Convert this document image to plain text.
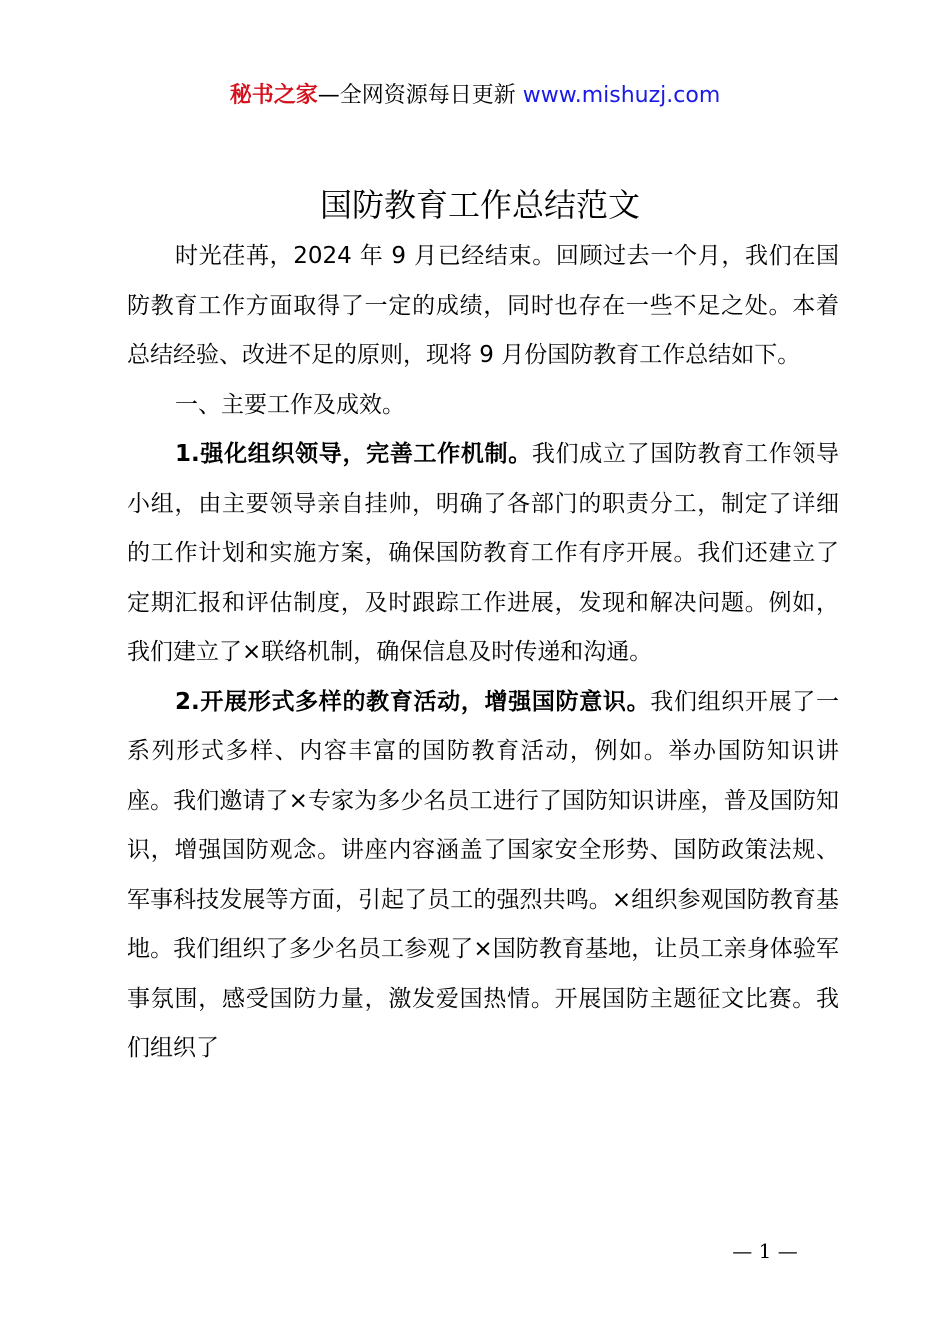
秘书之家—全网资源每日更新 www.mishuzj.com
国防教育工作总结范文

时光荏苒，2024 年 9 月已经结束。回顾过去一个月，我们在国防教育工作方面取得了一定的成绩，同时也存在一些不足之处。本着总结经验、改进不足的原则，现将 9 月份国防教育工作总结如下。

一、主要工作及成效。

1.强化组织领导，完善工作机制。我们成立了国防教育工作领导小组，由主要领导亲自挂帅，明确了各部门的职责分工，制定了详细的工作计划和实施方案，确保国防教育工作有序开展。我们还建立了定期汇报和评估制度，及时跟踪工作进展，发现和解决问题。例如，我们建立了×联络机制，确保信息及时传递和沟通。

2.开展形式多样的教育活动，增强国防意识。我们组织开展了一系列形式多样、内容丰富的国防教育活动，例如。举办国防知识讲座。我们邀请了×专家为多少名员工进行了国防知识讲座，普及国防知识，增强国防观念。讲座内容涵盖了国家安全形势、国防政策法规、军事科技发展等方面，引起了员工的强烈共鸣。×组织参观国防教育基地。我们组织了多少名员工参观了×国防教育基地，让员工亲身体验军事氛围，感受国防力量，激发爱国热情。开展国防主题征文比赛。我们组织了

— 1 —
